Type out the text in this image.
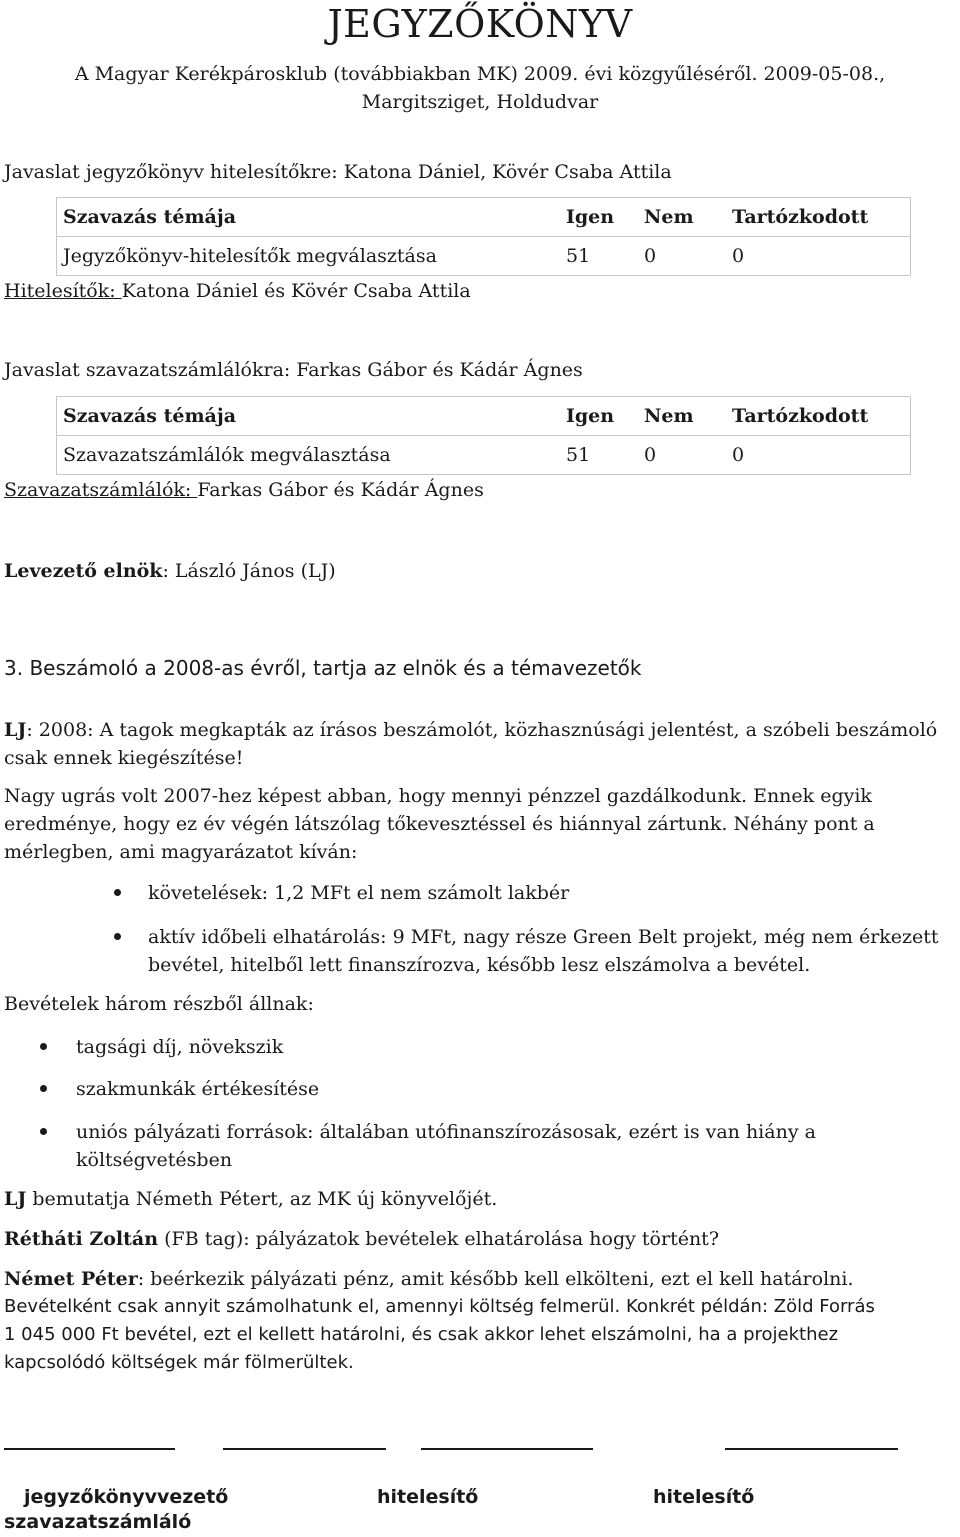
JEGYZŐKÖNYV
A Magyar Kerékpárosklub (továbbiakban MK) 2009. évi közgyűléséről. 2009-05-08.,
Margitsziget, Holdudvar
Javaslat jegyzőkönyv hitelesítőkre: Katona Dániel, Kövér Csaba Attila
Szavazás témája	Igen	Nem	Tartózkodott
Jegyzőkönyv-hitelesítők megválasztása	51	0	0
Hitelesítők: Katona Dániel és Kövér Csaba Attila
Javaslat szavazatszámlálókra: Farkas Gábor és Kádár Ágnes
Szavazás témája	Igen	Nem	Tartózkodott
Szavazatszámlálók megválasztása	51	0	0
Szavazatszámlálók: Farkas Gábor és Kádár Ágnes
Levezető elnök: László János (LJ)
3. Beszámoló a 2008-as évről, tartja az elnök és a témavezetők
LJ: 2008: A tagok megkapták az írásos beszámolót, közhasznúsági jelentést, a szóbeli beszámoló
csak ennek kiegészítése!
Nagy ugrás volt 2007-hez képest abban, hogy mennyi pénzzel gazdálkodunk. Ennek egyik
eredménye, hogy ez év végén látszólag tőkevesztéssel és hiánnyal zártunk. Néhány pont a
mérlegben, ami magyarázatot kíván:
követelések: 1,2 MFt el nem számolt lakbér
aktív időbeli elhatárolás: 9 MFt, nagy része Green Belt projekt, még nem érkezett
bevétel, hitelből lett finanszírozva, később lesz elszámolva a bevétel.
Bevételek három részből állnak:
tagsági díj, növekszik
szakmunkák értékesítése
uniós pályázati források: általában utófinanszírozásosak, ezért is van hiány a
költségvetésben
LJ bemutatja Németh Pétert, az MK új könyvelőjét.
Rétháti Zoltán (FB tag): pályázatok bevételek elhatárolása hogy történt?
Német Péter: beérkezik pályázati pénz, amit később kell elkölteni, ezt el kell határolni.
Bevételként csak annyit számolhatunk el, amennyi költség felmerül. Konkrét példán: Zöld Forrás
1 045 000 Ft bevétel, ezt el kellett határolni, és csak akkor lehet elszámolni, ha a projekthez
kapcsolódó költségek már fölmerültek.
jegyzőkönyvvezető	hitelesítő	hitelesítő
szavazatszámláló
